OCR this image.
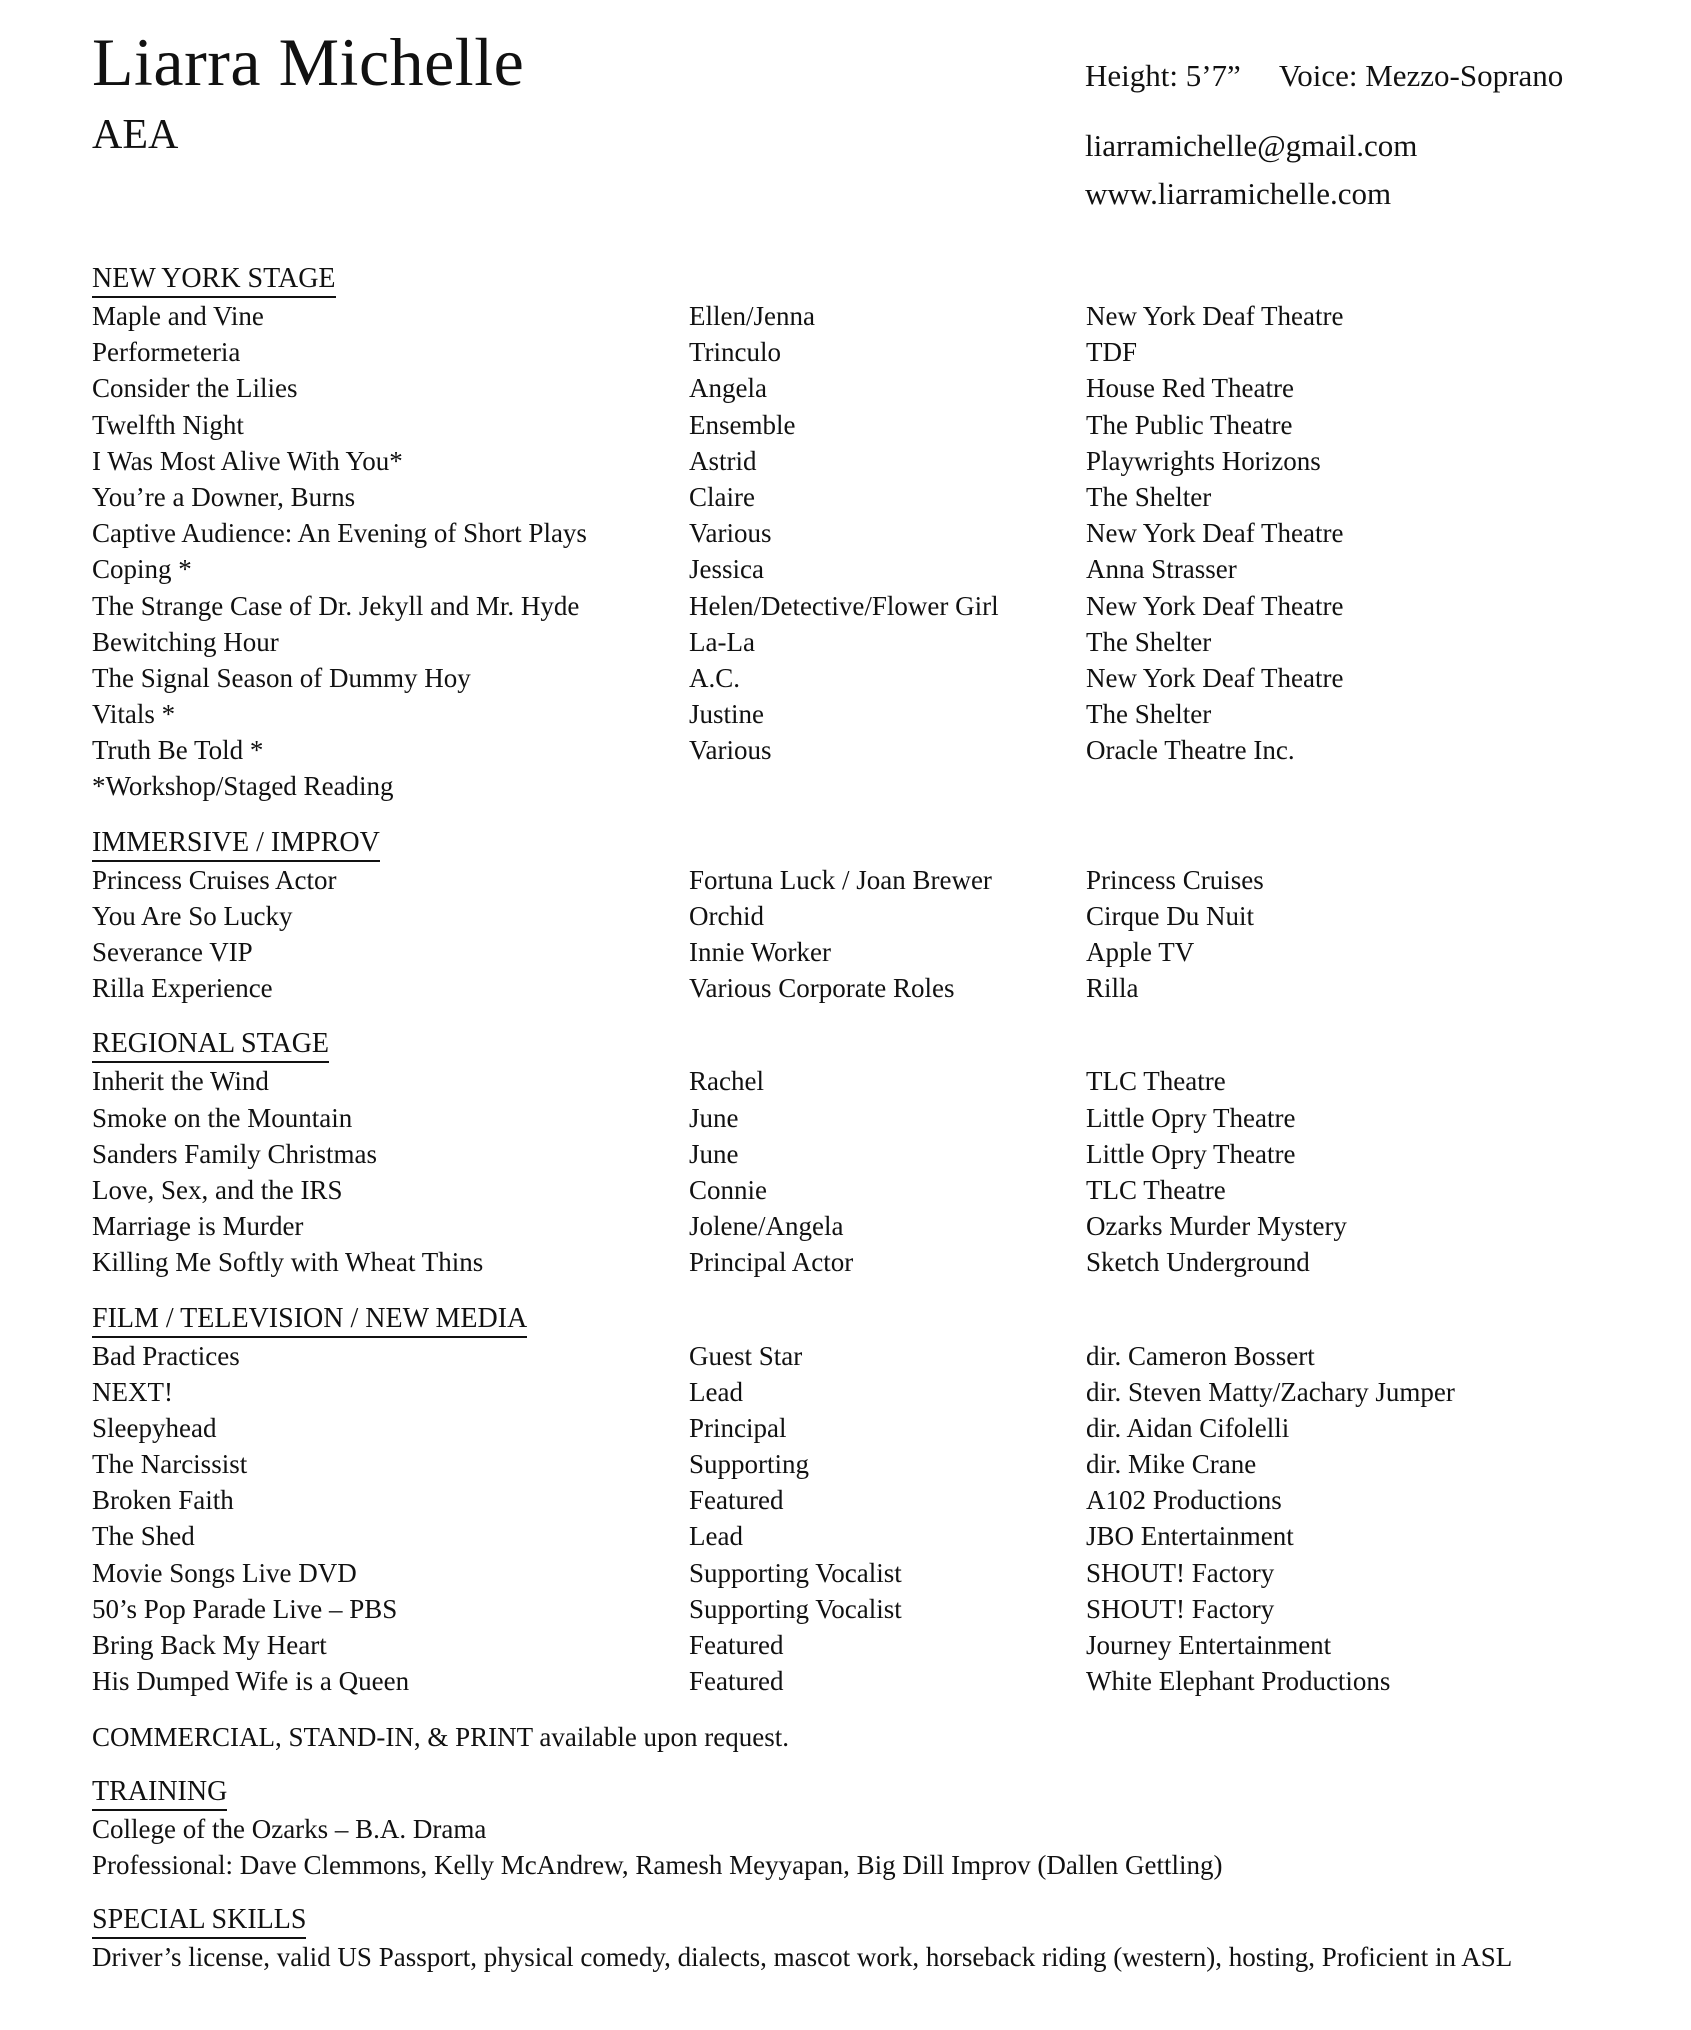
Liarra Michelle
AEA
Height: 5’7” Voice: Mezzo-Soprano
liarramichelle@gmail.com
www.liarramichelle.com
NEW YORK STAGE
Maple and Vine	Ellen/Jenna	New York Deaf Theatre
Performeteria	Trinculo	TDF
Consider the Lilies	Angela	House Red Theatre
Twelfth Night	Ensemble	The Public Theatre
I Was Most Alive With You*	Astrid	Playwrights Horizons
You’re a Downer, Burns	Claire	The Shelter
Captive Audience: An Evening of Short Plays	Various	New York Deaf Theatre
Coping *	Jessica	Anna Strasser
The Strange Case of Dr. Jekyll and Mr. Hyde	Helen/Detective/Flower Girl	New York Deaf Theatre
Bewitching Hour	La-La	The Shelter
The Signal Season of Dummy Hoy	A.C.	New York Deaf Theatre
Vitals *	Justine	The Shelter
Truth Be Told *	Various	Oracle Theatre Inc.
*Workshop/Staged Reading
IMMERSIVE / IMPROV
Princess Cruises Actor	Fortuna Luck / Joan Brewer	Princess Cruises
You Are So Lucky	Orchid	Cirque Du Nuit
Severance VIP	Innie Worker	Apple TV
Rilla Experience	Various Corporate Roles	Rilla
REGIONAL STAGE
Inherit the Wind	Rachel	TLC Theatre
Smoke on the Mountain	June	Little Opry Theatre
Sanders Family Christmas	June	Little Opry Theatre
Love, Sex, and the IRS	Connie	TLC Theatre
Marriage is Murder	Jolene/Angela	Ozarks Murder Mystery
Killing Me Softly with Wheat Thins	Principal Actor	Sketch Underground
FILM / TELEVISION / NEW MEDIA
Bad Practices	Guest Star	dir. Cameron Bossert
NEXT!	Lead	dir. Steven Matty/Zachary Jumper
Sleepyhead	Principal	dir. Aidan Cifolelli
The Narcissist	Supporting	dir. Mike Crane
Broken Faith	Featured	A102 Productions
The Shed	Lead	JBO Entertainment
Movie Songs Live DVD	Supporting Vocalist	SHOUT! Factory
50’s Pop Parade Live – PBS	Supporting Vocalist	SHOUT! Factory
Bring Back My Heart	Featured	Journey Entertainment
His Dumped Wife is a Queen	Featured	White Elephant Productions
COMMERCIAL, STAND-IN, & PRINT available upon request.
TRAINING
College of the Ozarks – B.A. Drama
Professional: Dave Clemmons, Kelly McAndrew, Ramesh Meyyapan, Big Dill Improv (Dallen Gettling)
SPECIAL SKILLS
Driver’s license, valid US Passport, physical comedy, dialects, mascot work, horseback riding (western), hosting, Proficient in ASL
